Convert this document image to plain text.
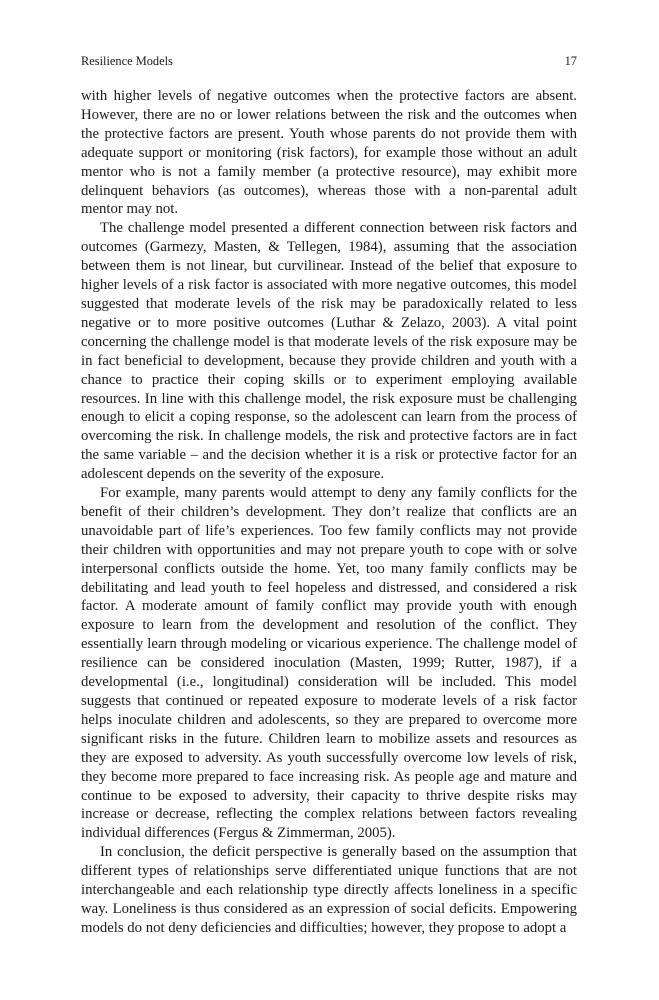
Resilience Models	17

with higher levels of negative outcomes when the protective factors are absent. However, there are no or lower relations between the risk and the outcomes when the protective factors are present. Youth whose parents do not provide them with adequate support or monitoring (risk factors), for example those without an adult mentor who is not a family member (a protective resource), may exhibit more delinquent behaviors (as outcomes), whereas those with a non-parental adult mentor may not.

The challenge model presented a different connection between risk factors and outcomes (Garmezy, Masten, & Tellegen, 1984), assuming that the association between them is not linear, but curvilinear. Instead of the belief that exposure to higher levels of a risk factor is associated with more negative outcomes, this model suggested that moderate levels of the risk may be paradoxically related to less negative or to more positive outcomes (Luthar & Zelazo, 2003). A vital point concerning the challenge model is that moderate levels of the risk exposure may be in fact beneficial to development, because they provide children and youth with a chance to practice their coping skills or to experiment employing available resources. In line with this challenge model, the risk exposure must be challenging enough to elicit a coping response, so the adolescent can learn from the process of overcoming the risk. In challenge models, the risk and protective factors are in fact the same variable – and the decision whether it is a risk or protective factor for an adolescent depends on the severity of the exposure.

For example, many parents would attempt to deny any family conflicts for the benefit of their children’s development. They don’t realize that conflicts are an unavoidable part of life’s experiences. Too few family conflicts may not provide their children with opportunities and may not prepare youth to cope with or solve interpersonal conflicts outside the home. Yet, too many family conflicts may be debilitating and lead youth to feel hopeless and distressed, and considered a risk factor. A moderate amount of family conflict may provide youth with enough exposure to learn from the development and resolution of the conflict. They essentially learn through modeling or vicarious experience. The challenge model of resilience can be considered inoculation (Masten, 1999; Rutter, 1987), if a developmental (i.e., longitudinal) consideration will be included. This model suggests that continued or repeated exposure to moderate levels of a risk factor helps inoculate children and adolescents, so they are prepared to overcome more significant risks in the future. Children learn to mobilize assets and resources as they are exposed to adversity. As youth successfully overcome low levels of risk, they become more prepared to face increasing risk. As people age and mature and continue to be exposed to adversity, their capacity to thrive despite risks may increase or decrease, reflecting the complex relations between factors revealing individual differences (Fergus & Zimmerman, 2005).

In conclusion, the deficit perspective is generally based on the assumption that different types of relationships serve differentiated unique functions that are not interchangeable and each relationship type directly affects loneliness in a specific way. Loneliness is thus considered as an expression of social deficits. Empowering models do not deny deficiencies and difficulties; however, they propose to adopt a
